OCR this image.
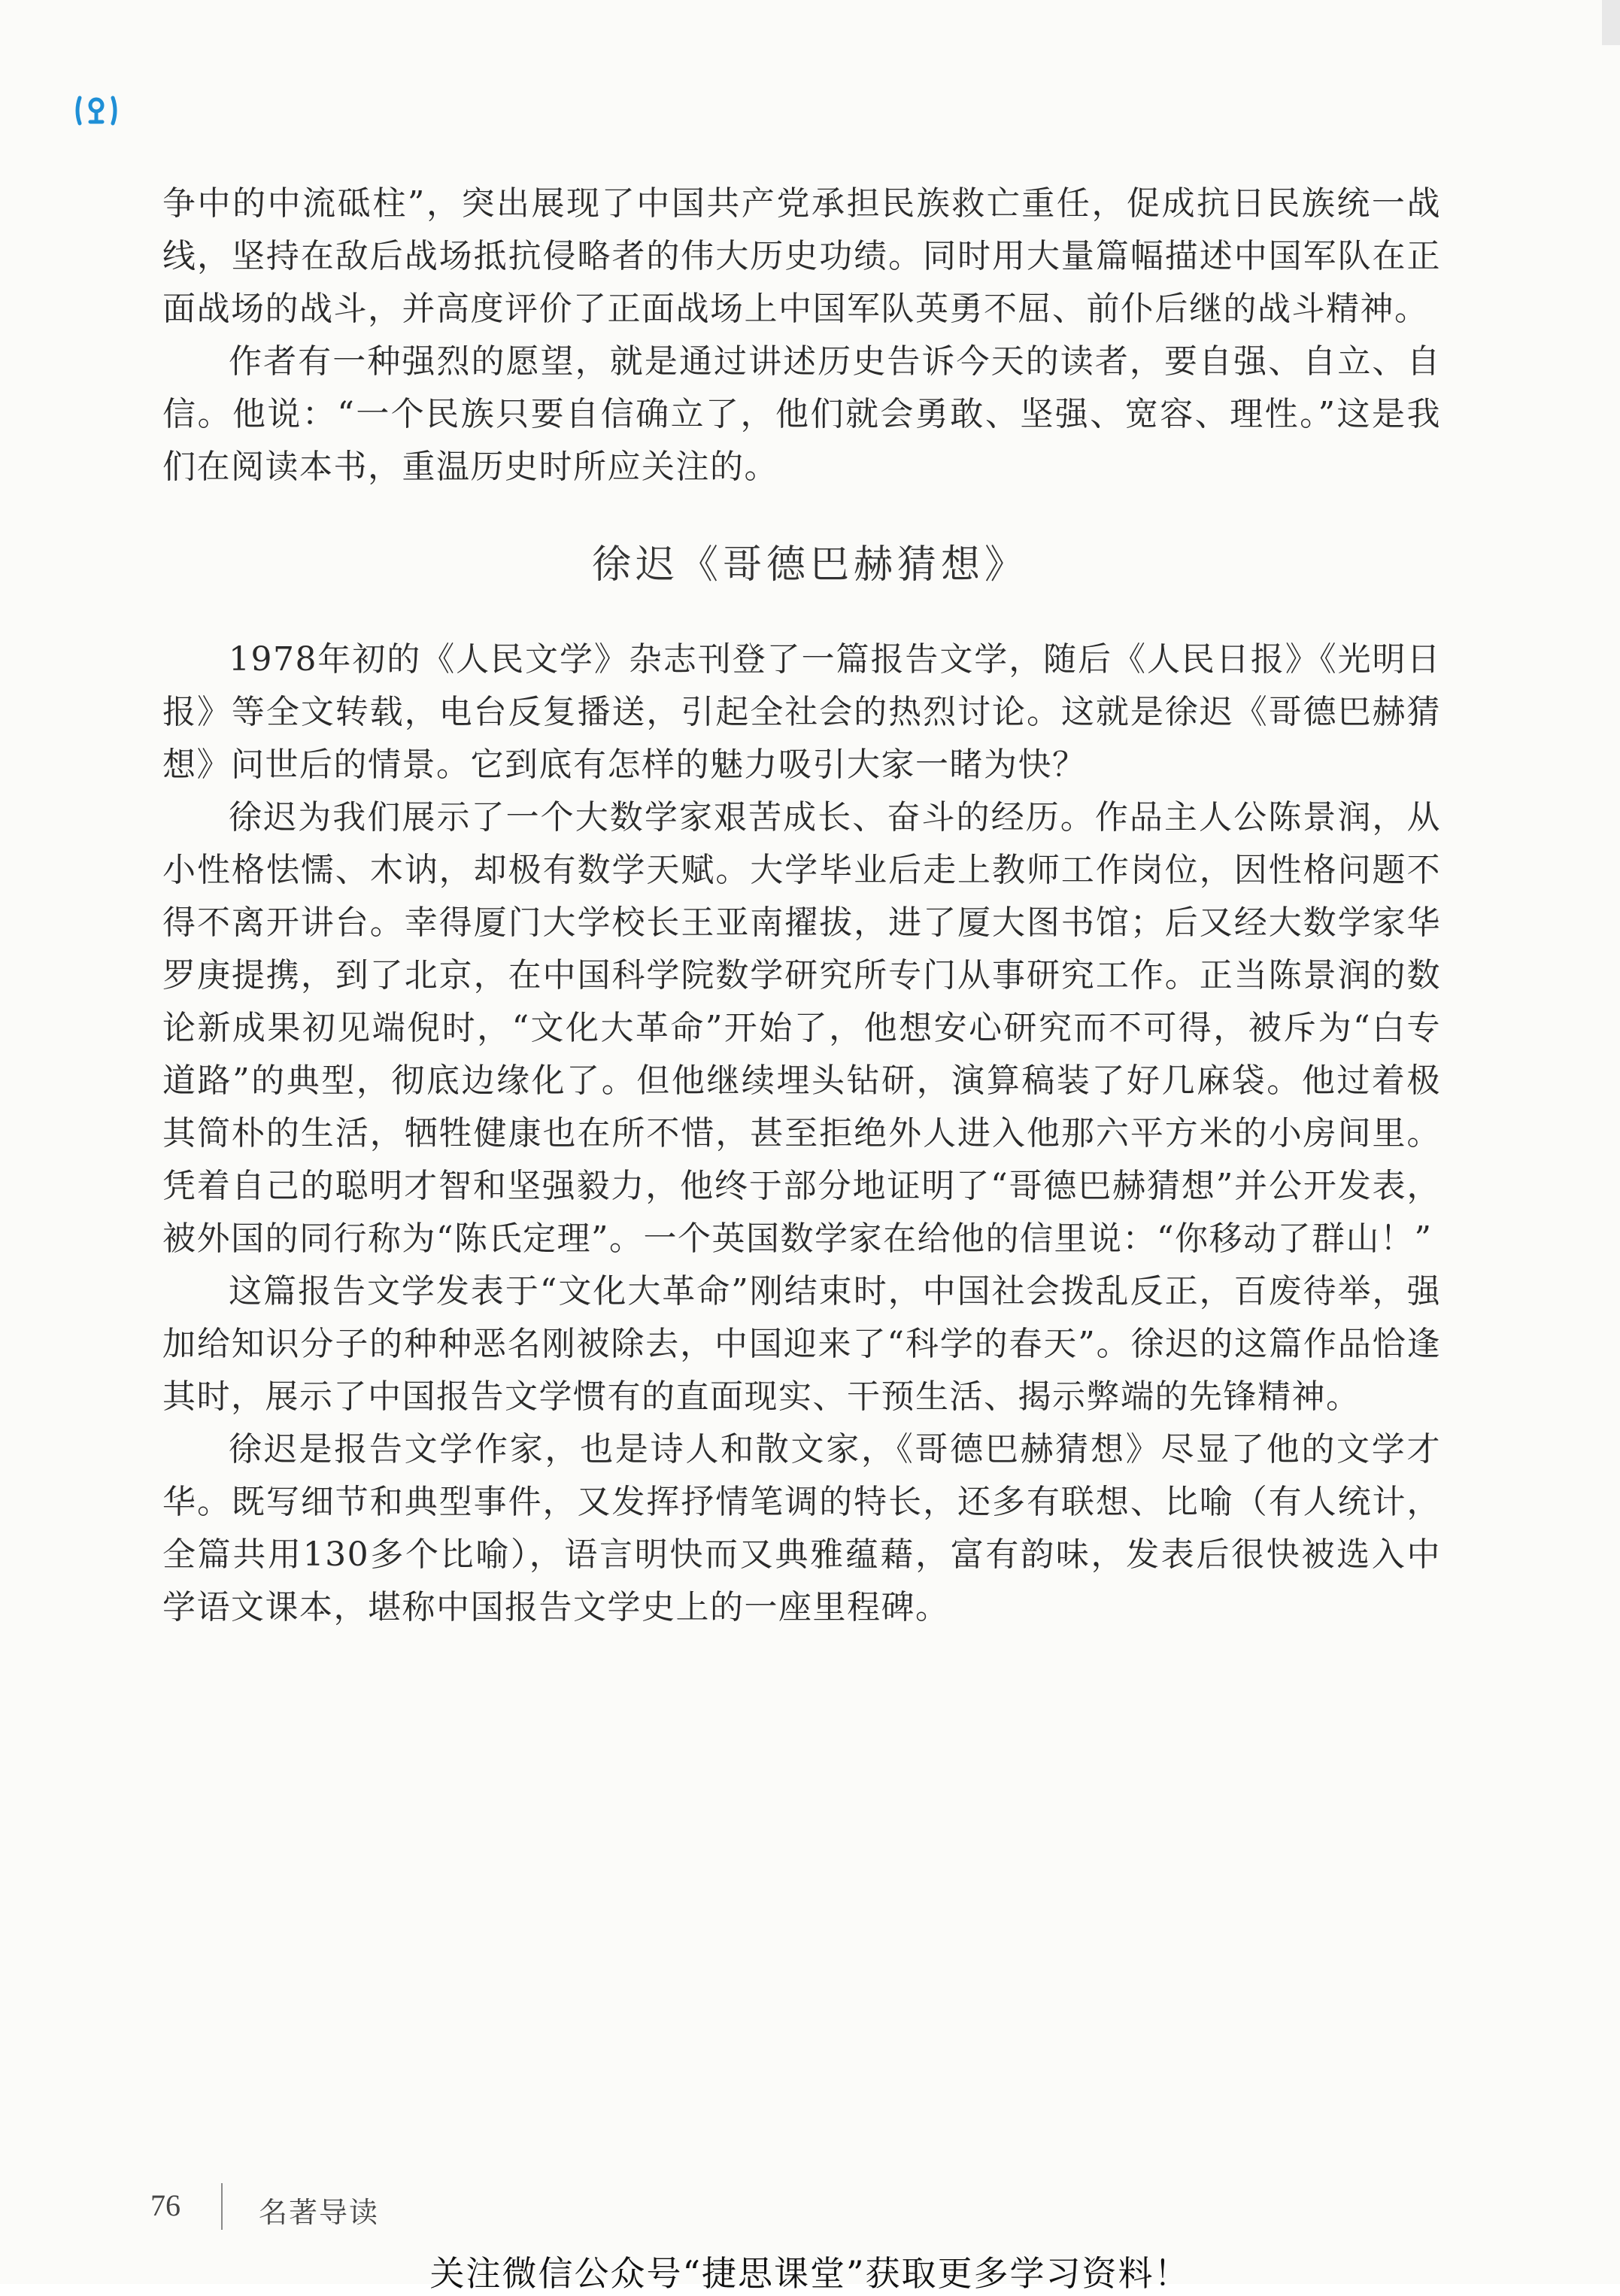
争中的中流砥柱”，突出展现了中国共产党承担民族救亡重任，促成抗日民族统一战线，坚持在敌后战场抵抗侵略者的伟大历史功绩。同时用大量篇幅描述中国军队在正面战场的战斗，并高度评价了正面战场上中国军队英勇不屈、前仆后继的战斗精神。

作者有一种强烈的愿望，就是通过讲述历史告诉今天的读者，要自强、自立、自信。他说：“一个民族只要自信确立了，他们就会勇敢、坚强、宽容、理性。”这是我们在阅读本书，重温历史时所应关注的。

徐迟《哥德巴赫猜想》

1978年初的《人民文学》杂志刊登了一篇报告文学，随后《人民日报》《光明日报》等全文转载，电台反复播送，引起全社会的热烈讨论。这就是徐迟《哥德巴赫猜想》问世后的情景。它到底有怎样的魅力吸引大家一睹为快？

徐迟为我们展示了一个大数学家艰苦成长、奋斗的经历。作品主人公陈景润，从小性格怯懦、木讷，却极有数学天赋。大学毕业后走上教师工作岗位，因性格问题不得不离开讲台。幸得厦门大学校长王亚南擢拔，进了厦大图书馆；后又经大数学家华罗庚提携，到了北京，在中国科学院数学研究所专门从事研究工作。正当陈景润的数论新成果初见端倪时，“文化大革命”开始了，他想安心研究而不可得，被斥为“白专道路”的典型，彻底边缘化了。但他继续埋头钻研，演算稿装了好几麻袋。他过着极其简朴的生活，牺牲健康也在所不惜，甚至拒绝外人进入他那六平方米的小房间里。凭着自己的聪明才智和坚强毅力，他终于部分地证明了“哥德巴赫猜想”并公开发表，被外国的同行称为“陈氏定理”。一个英国数学家在给他的信里说：“你移动了群山！”

这篇报告文学发表于“文化大革命”刚结束时，中国社会拨乱反正，百废待举，强加给知识分子的种种恶名刚被除去，中国迎来了“科学的春天”。徐迟的这篇作品恰逢其时，展示了中国报告文学惯有的直面现实、干预生活、揭示弊端的先锋精神。

徐迟是报告文学作家，也是诗人和散文家，《哥德巴赫猜想》尽显了他的文学才华。既写细节和典型事件，又发挥抒情笔调的特长，还多有联想、比喻（有人统计，全篇共用130多个比喻），语言明快而又典雅蕴藉，富有韵味，发表后很快被选入中学语文课本，堪称中国报告文学史上的一座里程碑。

76	名著导读
关注微信公众号“捷思课堂”获取更多学习资料！
